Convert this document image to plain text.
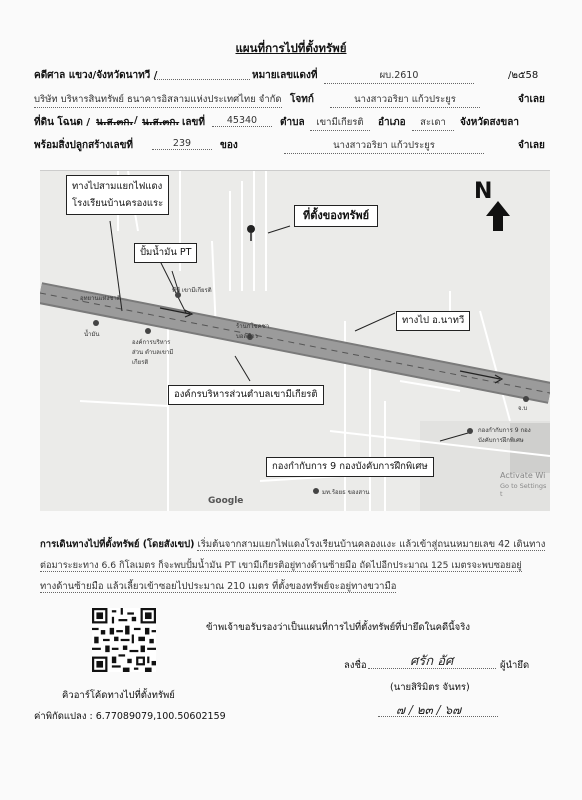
แผนที่การไปที่ตั้งทรัพย์
คดีศาล แขวง/จังหวัดนาทวี /	หมายเลขแดงที่	ผบ.2610	/๒๕58
บริษัท บริหารสินทรัพย์ ธนาคารอิสลามแห่งประเทศไทย จำกัด โจทก์	นางสาวอริยา แก้วประยูร	จำเลย
ที่ดิน โฉนด / น.ส.๓ก. / น.ส.๓ก. เลขที่	45340	ตำบล	เขามีเกียรติ	อำเภอ	สะเดา	จังหวัดสงขลา
พร้อมสิ่งปลูกสร้างเลขที่	239	ของ	นางสาวอริยา แก้วประยูร	จำเลย
ทางไปสามแยกไฟแดง
โรงเรียนบ้านครองแระ
ที่ตั้งของทรัพย์
ปั้มน้ำมัน PT
ทางไป อ.นาทวี
องค์กรบริหารส่วนตำบลเขามีเกียรติ
กองกำกับการ 9 กองบังคับการฝึกพิเศษ
N
พีที เขามีเกียรติ
อุทยานแห่งชาติ
น้ำมัน
องค์การบริหารส่วน ตำบลเขามีเกียรติ
ร้านกโชคชา บอลข้าว
กองกำกับการ 9 กองบังคับการฝึกพิเศษ
มท.ร้อยธ ของสาน
จ.บ
Google
Activate Wi
Go to Settings t
การเดินทางไปที่ตั้งทรัพย์ (โดยสังเขป) เริ่มต้นจากสามแยกไฟแดงโรงเรียนบ้านคลองแงะ แล้วเข้าสู่ถนนหมายเลข 42 เดินทาง
ต่อมาระยะทาง 6.6 กิโลเมตร ก็จะพบปั้มน้ำมัน PT เขามีเกียรติอยู่ทางด้านซ้ายมือ ถัดไปอีกประมาณ 125 เมตรจะพบซอยอยู่
ทางด้านซ้ายมือ แล้วเลี้ยวเข้าซอยไปประมาณ 210 เมตร ที่ตั้งของทรัพย์จะอยู่ทางขวามือ
ข้าพเจ้าขอรับรองว่าเป็นแผนที่การไปที่ตั้งทรัพย์ที่ปายึดในคดีนี้จริง
ลงชื่อ	ศรัก อัศ	ผู้นำยึด
(นายสิริมิตร จันทร)
๗ / ๒๓ / ๖๗
คิวอาร์โค้ดทางไปที่ตั้งทรัพย์
ค่าพิกัดแปลง : 6.77089079,100.50602159
